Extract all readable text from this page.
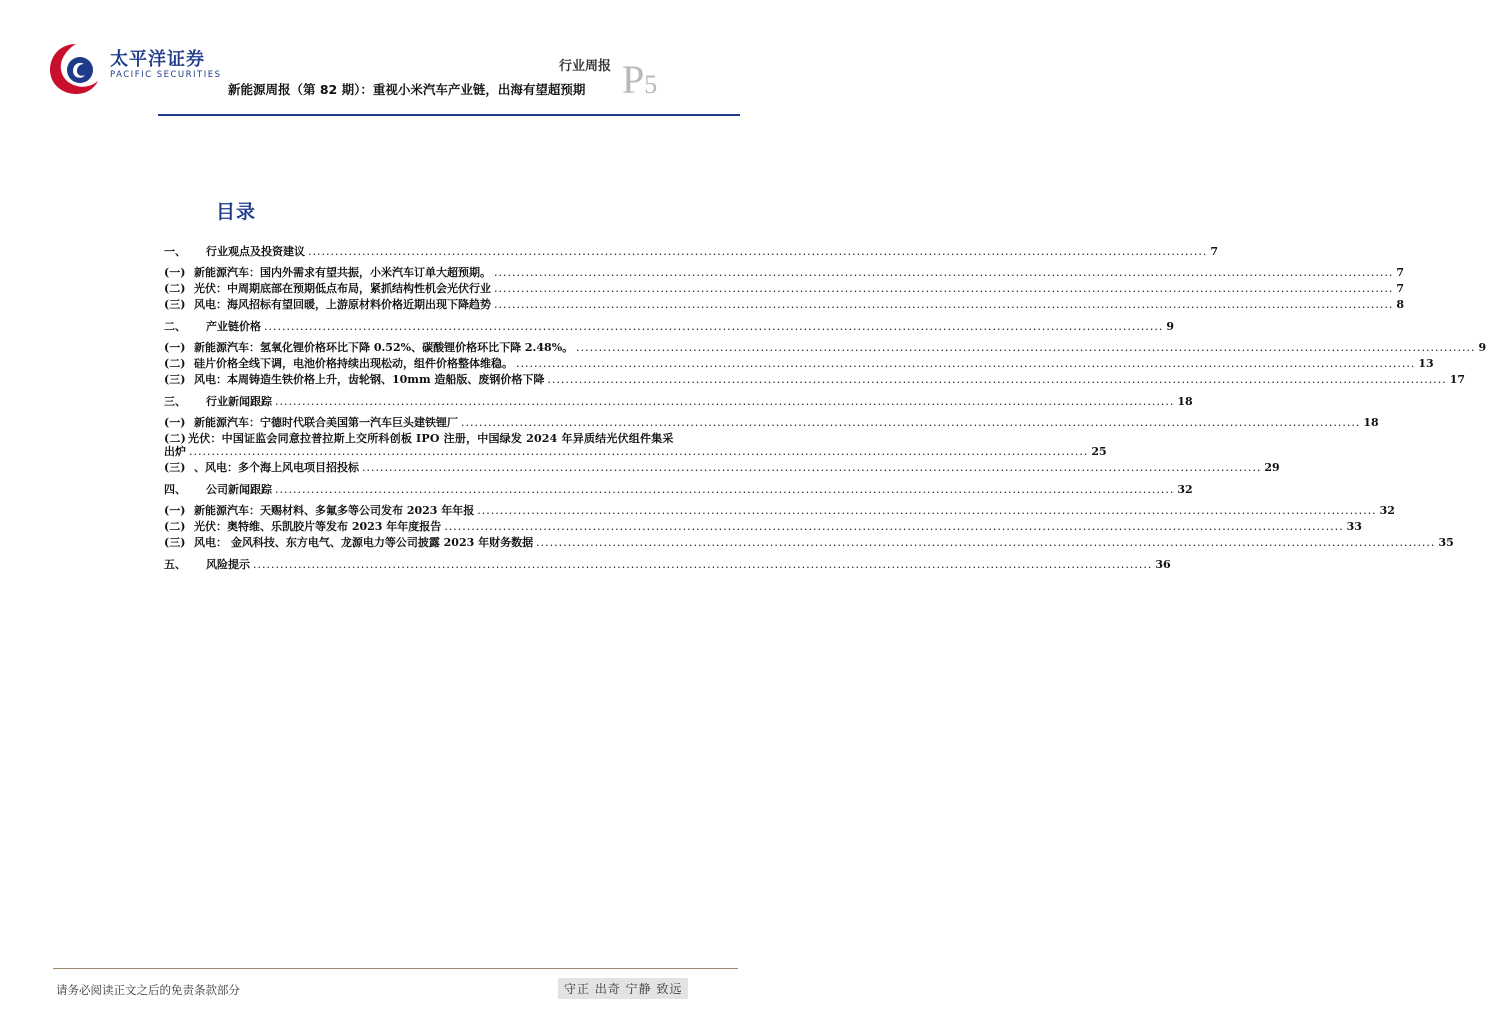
太平洋证券
PACIFIC SECURITIES
行业周报
新能源周报（第 82 期）：重视小米汽车产业链，出海有望超预期 P5
目录
一、	行业观点及投资建议 .....	7
(一) 新能源汽车：国内外需求有望共振，小米汽车订单大超预期。 .....	7
(二) 光伏：中周期底部在预期低点布局，紧抓结构性机会光伏行业 .....	7
(三) 风电：海风招标有望回暖，上游原材料价格近期出现下降趋势 .....	8
二、	产业链价格 .....	9
(一) 新能源汽车：氢氧化锂价格环比下降 0.52%、碳酸锂价格环比下降 2.48%。 .....	9
(二) 硅片价格全线下调，电池价格持续出现松动，组件价格整体维稳。 .....	13
(三) 风电：本周铸造生铁价格上升，齿轮钢、10mm 造船版、废钢价格下降 .....	17
三、	行业新闻跟踪 .....	18
(一) 新能源汽车：宁德时代联合美国第一汽车巨头建铁锂厂 .....	18
(二) 光伏：中国证监会同意拉普拉斯上交所科创板 IPO 注册，中国绿发 2024 年异质结光伏组件集采
出炉 .....	25
(三) 、风电：多个海上风电项目招投标 .....	29
四、	公司新闻跟踪 .....	32
(一) 新能源汽车：天赐材料、多氟多等公司发布 2023 年年报 .....	32
(二) 光伏：奥特维、乐凯胶片等发布 2023 年年度报告 .....	33
(三) 风电： 金风科技、东方电气、龙源电力等公司披露 2023 年财务数据 .....	35
五、	风险提示 .....	36
请务必阅读正文之后的免责条款部分	守正 出奇 宁静 致远
